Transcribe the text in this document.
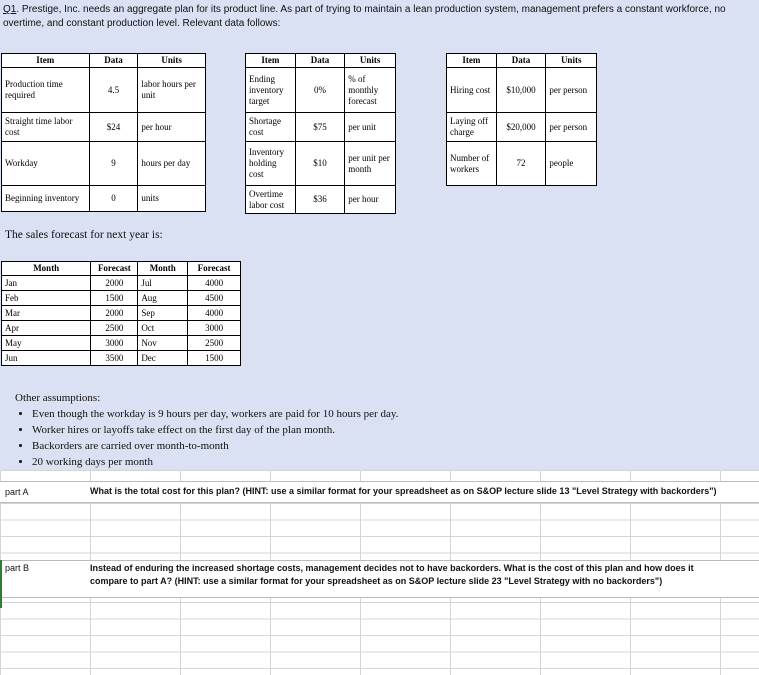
Q1. Prestige, Inc. needs an aggregate plan for its product line. As part of trying to maintain a lean production system, management prefers a constant workforce, no overtime, and constant production level. Relevant data follows:
Item	Data	Units
Production time required	4.5	labor hours per unit
Straight time labor cost	$24	per hour
Workday	9	hours per day
Beginning inventory	0	units
Item	Data	Units
Ending inventory target	0%	% of monthly forecast
Shortage cost	$75	per unit
Inventory holding cost	$10	per unit per month
Overtime labor cost	$36	per hour
Item	Data	Units
Hiring cost	$10,000	per person
Laying off charge	$20,000	per person
Number of workers	72	people
The sales forecast for next year is:
Month	Forecast	Month	Forecast
Jan	2000	Jul	4000
Feb	1500	Aug	4500
Mar	2000	Sep	4000
Apr	2500	Oct	3000
May	3000	Nov	2500
Jun	3500	Dec	1500
Other assumptions:
• Even though the workday is 9 hours per day, workers are paid for 10 hours per day.
• Worker hires or layoffs take effect on the first day of the plan month.
• Backorders are carried over month-to-month
• 20 working days per month
part A	What is the total cost for this plan? (HINT: use a similar format for your spreadsheet as on S&OP lecture slide 13 "Level Strategy with backorders")
part B	Instead of enduring the increased shortage costs, management decides not to have backorders. What is the cost of this plan and how does it compare to part A? (HINT: use a similar format for your spreadsheet as on S&OP lecture slide 23 "Level Strategy with no backorders")
